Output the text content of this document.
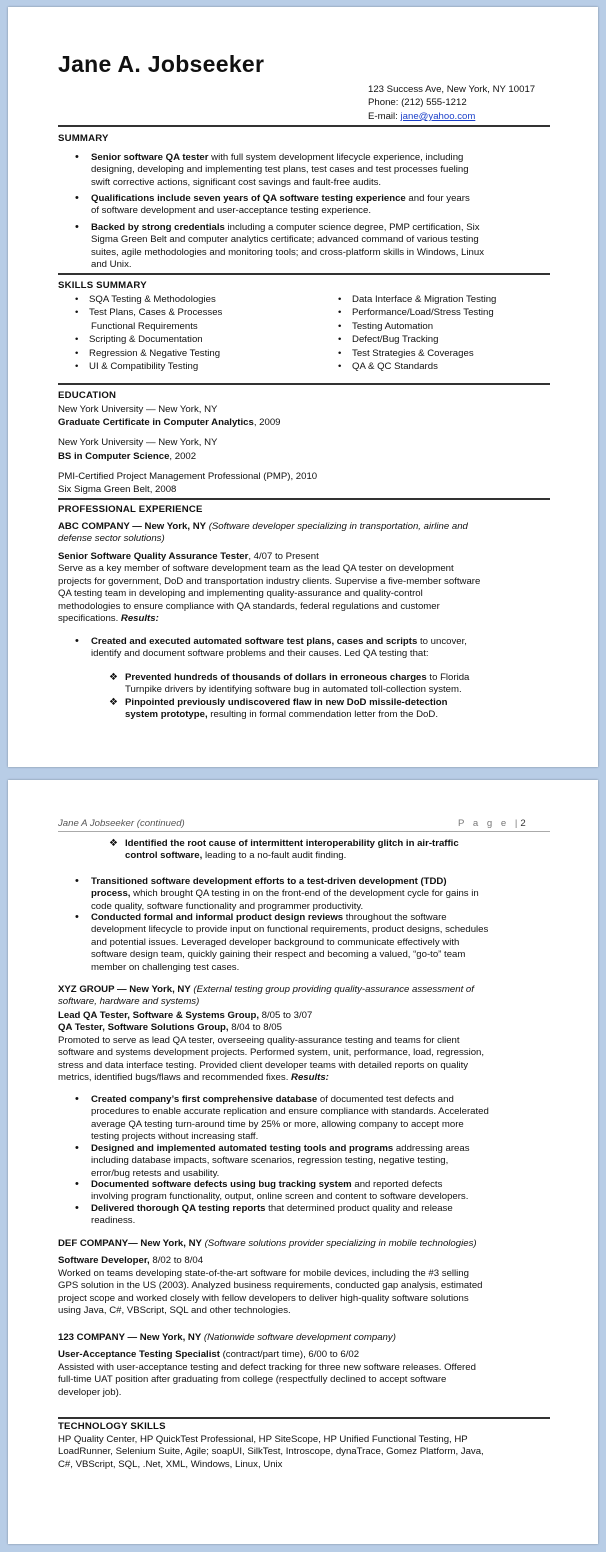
Jane A. Jobseeker
123 Success Ave, New York, NY 10017
Phone: (212) 555-1212
E-mail: jane@yahoo.com
SUMMARY
• Senior software QA tester with full system development lifecycle experience, including
designing, developing and implementing test plans, test cases and test processes fueling
swift corrective actions, significant cost savings and fault-free audits.
• Qualifications include seven years of QA software testing experience and four years
of software development and user-acceptance testing experience.
• Backed by strong credentials including a computer science degree, PMP certification, Six
Sigma Green Belt and computer analytics certificate; advanced command of various testing
suites, agile methodologies and monitoring tools; and cross-platform skills in Windows, Linux
and Unix.
SKILLS SUMMARY
• SQA Testing & Methodologies
• Test Plans, Cases & Processes
Functional Requirements
• Scripting & Documentation
• Regression & Negative Testing
• UI & Compatibility Testing
•    Data Interface & Migration Testing
•    Performance/Load/Stress Testing
•    Testing Automation
•    Defect/Bug Tracking
•    Test Strategies & Coverages
•    QA & QC Standards
EDUCATION
New York University — New York, NY
Graduate Certificate in Computer Analytics, 2009
New York University — New York, NY
BS in Computer Science, 2002
PMI-Certified Project Management Professional (PMP), 2010
Six Sigma Green Belt, 2008
PROFESSIONAL EXPERIENCE
ABC COMPANY — New York, NY (Software developer specializing in transportation, airline and
defense sector solutions)
Senior Software Quality Assurance Tester, 4/07 to Present
Serve as a key member of software development team as the lead QA tester on development
projects for government, DoD and transportation industry clients. Supervise a five-member software
QA testing team in developing and implementing quality-assurance and quality-control
methodologies to ensure compliance with QA standards, federal regulations and customer
specifications. Results:
• Created and executed automated software test plans, cases and scripts to uncover,
identify and document software problems and their causes. Led QA testing that:
❖ Prevented hundreds of thousands of dollars in erroneous charges to Florida
Turnpike drivers by identifying software bug in automated toll-collection system.
❖ Pinpointed previously undiscovered flaw in new DoD missile-detection
system prototype, resulting in formal commendation letter from the DoD.
Jane A Jobseeker (continued)	P a g e |2
❖ Identified the root cause of intermittent interoperability glitch in air-traffic
control software, leading to a no-fault audit finding.
• Transitioned software development efforts to a test-driven development (TDD)
process, which brought QA testing in on the front-end of the development cycle for gains in
code quality, software functionality and programmer productivity.
• Conducted formal and informal product design reviews throughout the software
development lifecycle to provide input on functional requirements, product designs, schedules
and potential issues. Leveraged developer background to communicate effectively with
software design team, quickly gaining their respect and becoming a valued, “go-to” team
member on challenging test cases.
XYZ GROUP — New York, NY (External testing group providing quality-assurance assessment of
software, hardware and systems)
Lead QA Tester, Software & Systems Group, 8/05 to 3/07
QA Tester, Software Solutions Group, 8/04 to 8/05
Promoted to serve as lead QA tester, overseeing quality-assurance testing and teams for client
software and systems development projects. Performed system, unit, performance, load, regression,
stress and data interface testing. Provided client developer teams with detailed reports on quality
metrics, identified bugs/flaws and recommended fixes. Results:
• Created company’s first comprehensive database of documented test defects and
procedures to enable accurate replication and ensure compliance with standards. Accelerated
average QA testing turn-around time by 25% or more, allowing company to accept more
testing projects without increasing staff.
• Designed and implemented automated testing tools and programs addressing areas
including database impacts, software scenarios, regression testing, negative testing,
error/bug retests and usability.
• Documented software defects using bug tracking system and reported defects
involving program functionality, output, online screen and content to software developers.
• Delivered thorough QA testing reports that determined product quality and release
readiness.
DEF COMPANY— New York, NY (Software solutions provider specializing in mobile technologies)
Software Developer, 8/02 to 8/04
Worked on teams developing state-of-the-art software for mobile devices, including the #3 selling
GPS solution in the US (2003). Analyzed business requirements, conducted gap analysis, estimated
project scope and worked closely with fellow developers to deliver high-quality software solutions
using Java, C#, VBScript, SQL and other technologies.
123 COMPANY — New York, NY (Nationwide software development company)
User-Acceptance Testing Specialist (contract/part time), 6/00 to 6/02
Assisted with user-acceptance testing and defect tracking for three new software releases. Offered
full-time UAT position after graduating from college (respectfully declined to accept software
developer job).
TECHNOLOGY SKILLS
HP Quality Center, HP QuickTest Professional, HP SiteScope, HP Unified Functional Testing, HP
LoadRunner, Selenium Suite, Agile; soapUI, SilkTest, Introscope, dynaTrace, Gomez Platform, Java,
C#, VBScript, SQL, .Net, XML, Windows, Linux, Unix
